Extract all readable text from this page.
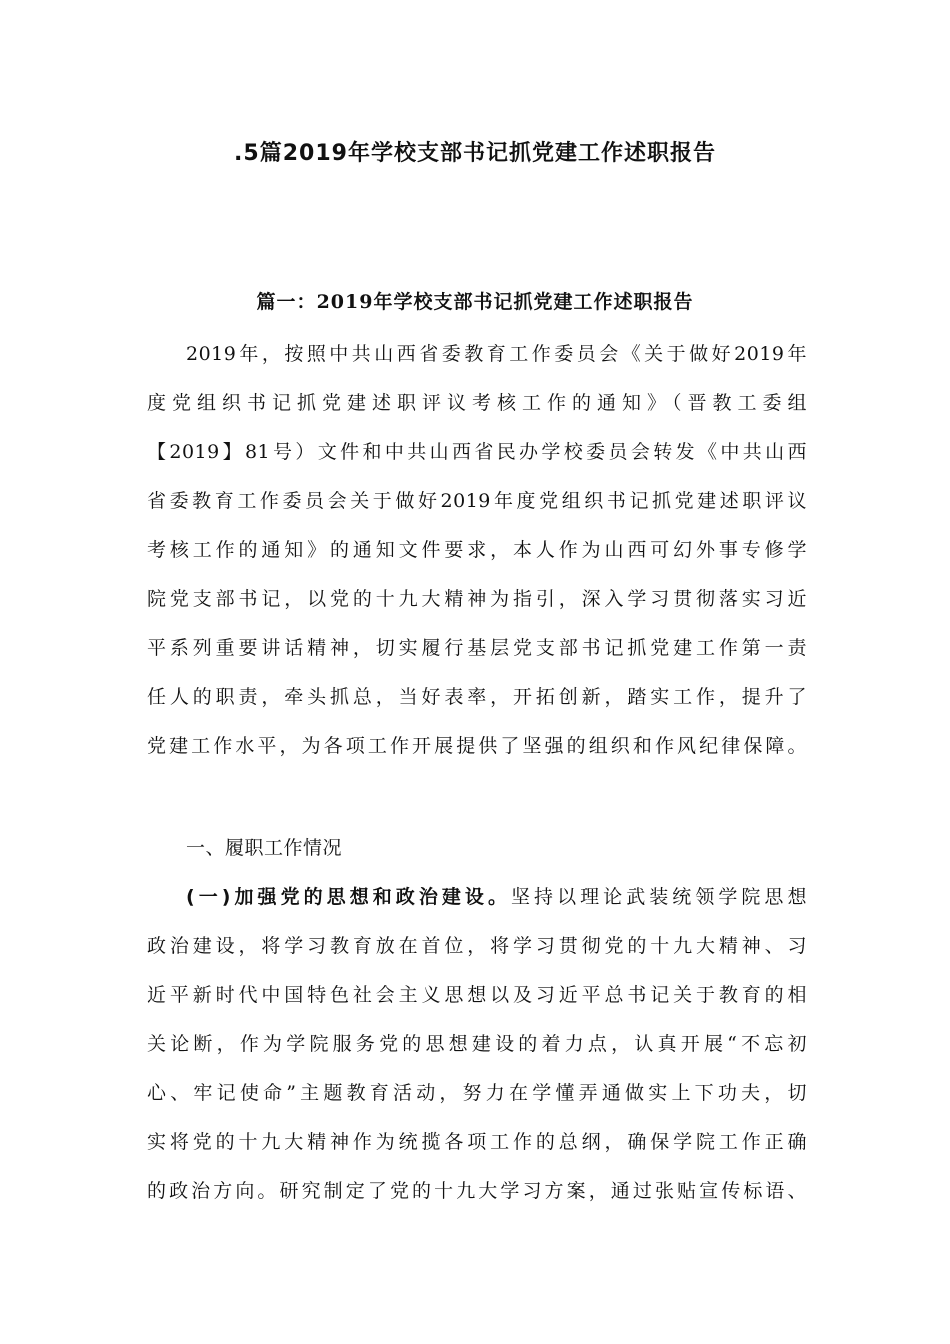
.5篇2019年学校支部书记抓党建工作述职报告
篇一：2019年学校支部书记抓党建工作述职报告
2019年，按照中共山西省委教育工作委员会《关于做好2019年
度党组织书记抓党建述职评议考核工作的通知》（晋教工委组
【2019】81号）文件和中共山西省民办学校委员会转发《中共山西
省委教育工作委员会关于做好2019年度党组织书记抓党建述职评议
考核工作的通知》的通知文件要求，本人作为山西可幻外事专修学
院党支部书记，以党的十九大精神为指引，深入学习贯彻落实习近
平系列重要讲话精神，切实履行基层党支部书记抓党建工作第一责
任人的职责，牵头抓总，当好表率，开拓创新，踏实工作，提升了
党建工作水平，为各项工作开展提供了坚强的组织和作风纪律保障。
一、履职工作情况
(一)加强党的思想和政治建设。坚持以理论武装统领学院思想
政治建设，将学习教育放在首位，将学习贯彻党的十九大精神、习
近平新时代中国特色社会主义思想以及习近平总书记关于教育的相
关论断，作为学院服务党的思想建设的着力点，认真开展“不忘初
心、牢记使命”主题教育活动，努力在学懂弄通做实上下功夫，切
实将党的十九大精神作为统揽各项工作的总纲，确保学院工作正确
的政治方向。研究制定了党的十九大学习方案，通过张贴宣传标语、
